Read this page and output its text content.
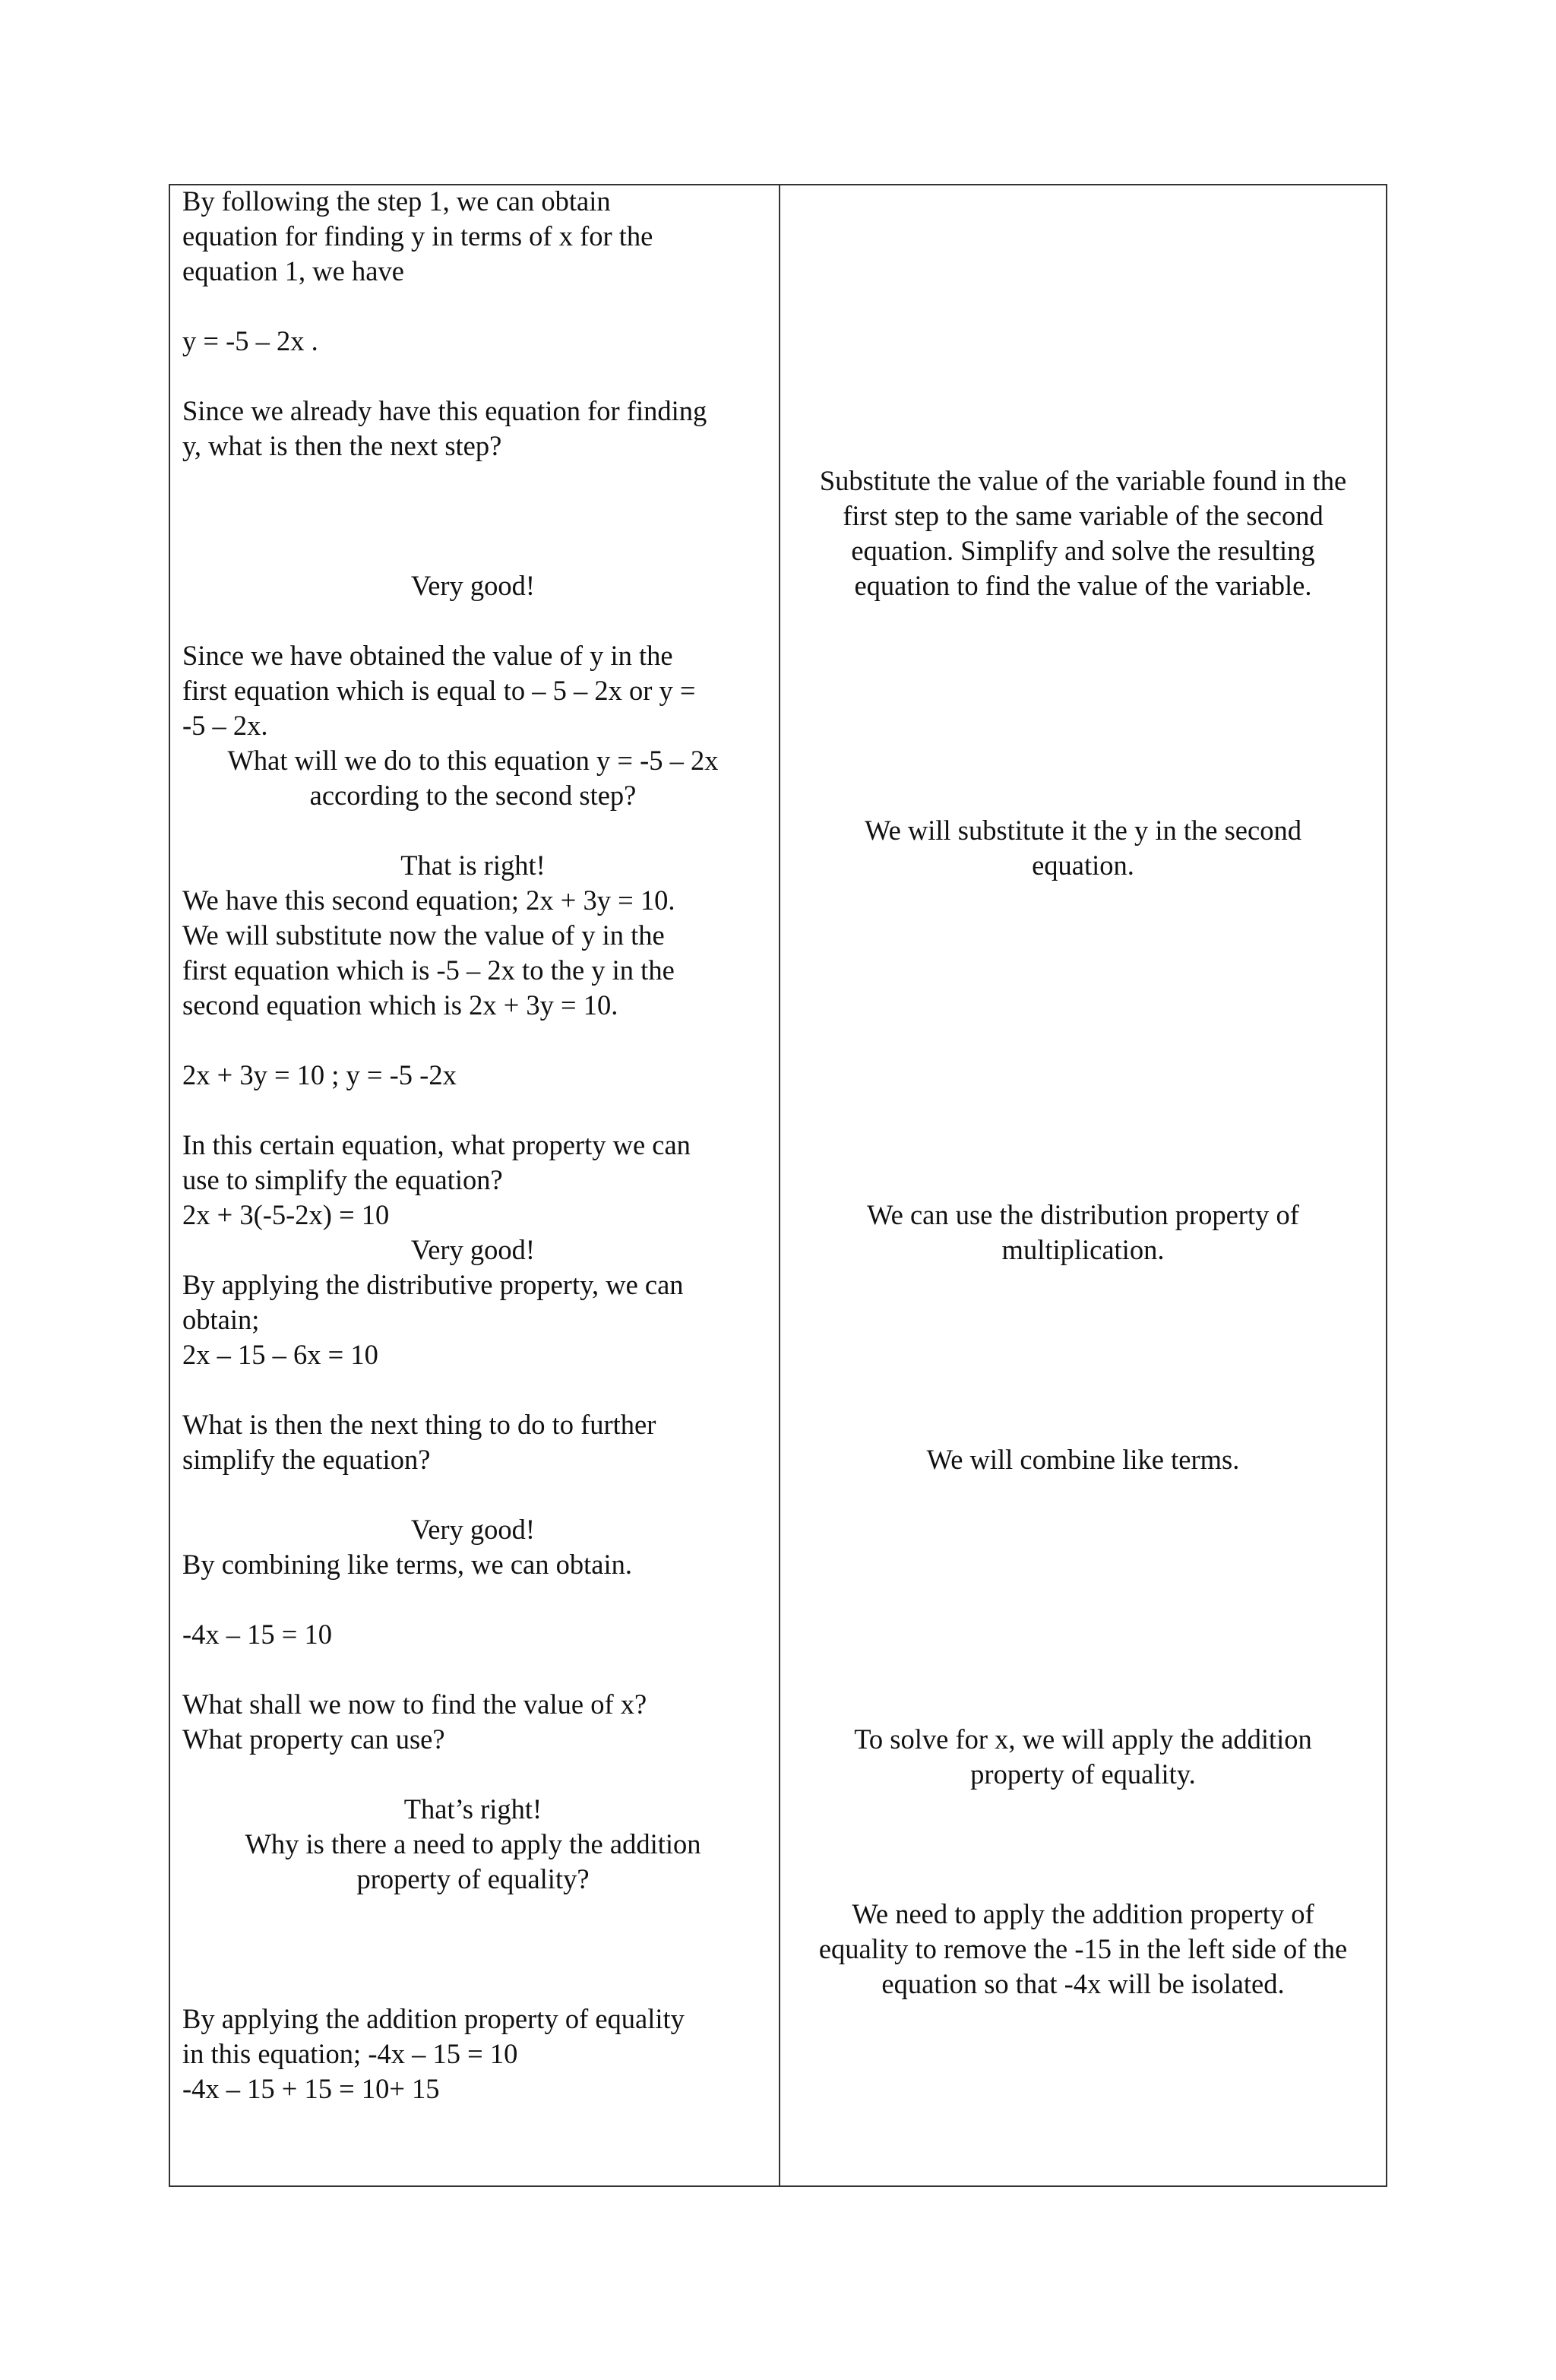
By following the step 1, we can obtain
equation for finding y in terms of x for the
equation 1, we have
y = -5 – 2x .
Since we already have this equation for finding
y, what is then the next step?
Very good!
Since we have obtained the value of y in the
first equation which is equal to – 5 – 2x or y =
-5 – 2x.
What will we do to this equation y = -5 – 2x
according to the second step?
That is right!
We have this second equation; 2x + 3y = 10.
We will substitute now the value of y in the
first equation which is -5 – 2x to the y in the
second equation which is 2x + 3y = 10.
2x + 3y = 10 ; y = -5 -2x
In this certain equation, what property we can
use to simplify the equation?
2x + 3(-5-2x) = 10
Very good!
By applying the distributive property, we can
obtain;
2x – 15 – 6x = 10
What is then the next thing to do to further
simplify the equation?
Very good!
By combining like terms, we can obtain.
-4x – 15 = 10
What shall we now to find the value of x?
What property can use?
That’s right!
Why is there a need to apply the addition
property of equality?
By applying the addition property of equality
in this equation; -4x – 15 = 10
-4x – 15 + 15 = 10+ 15
Substitute the value of the variable found in the
first step to the same variable of the second
equation. Simplify and solve the resulting
equation to find the value of the variable.
We will substitute it the y in the second
equation.
We can use the distribution property of
multiplication.
We will combine like terms.
To solve for x, we will apply the addition
property of equality.
We need to apply the addition property of
equality to remove the -15 in the left side of the
equation so that -4x will be isolated.
